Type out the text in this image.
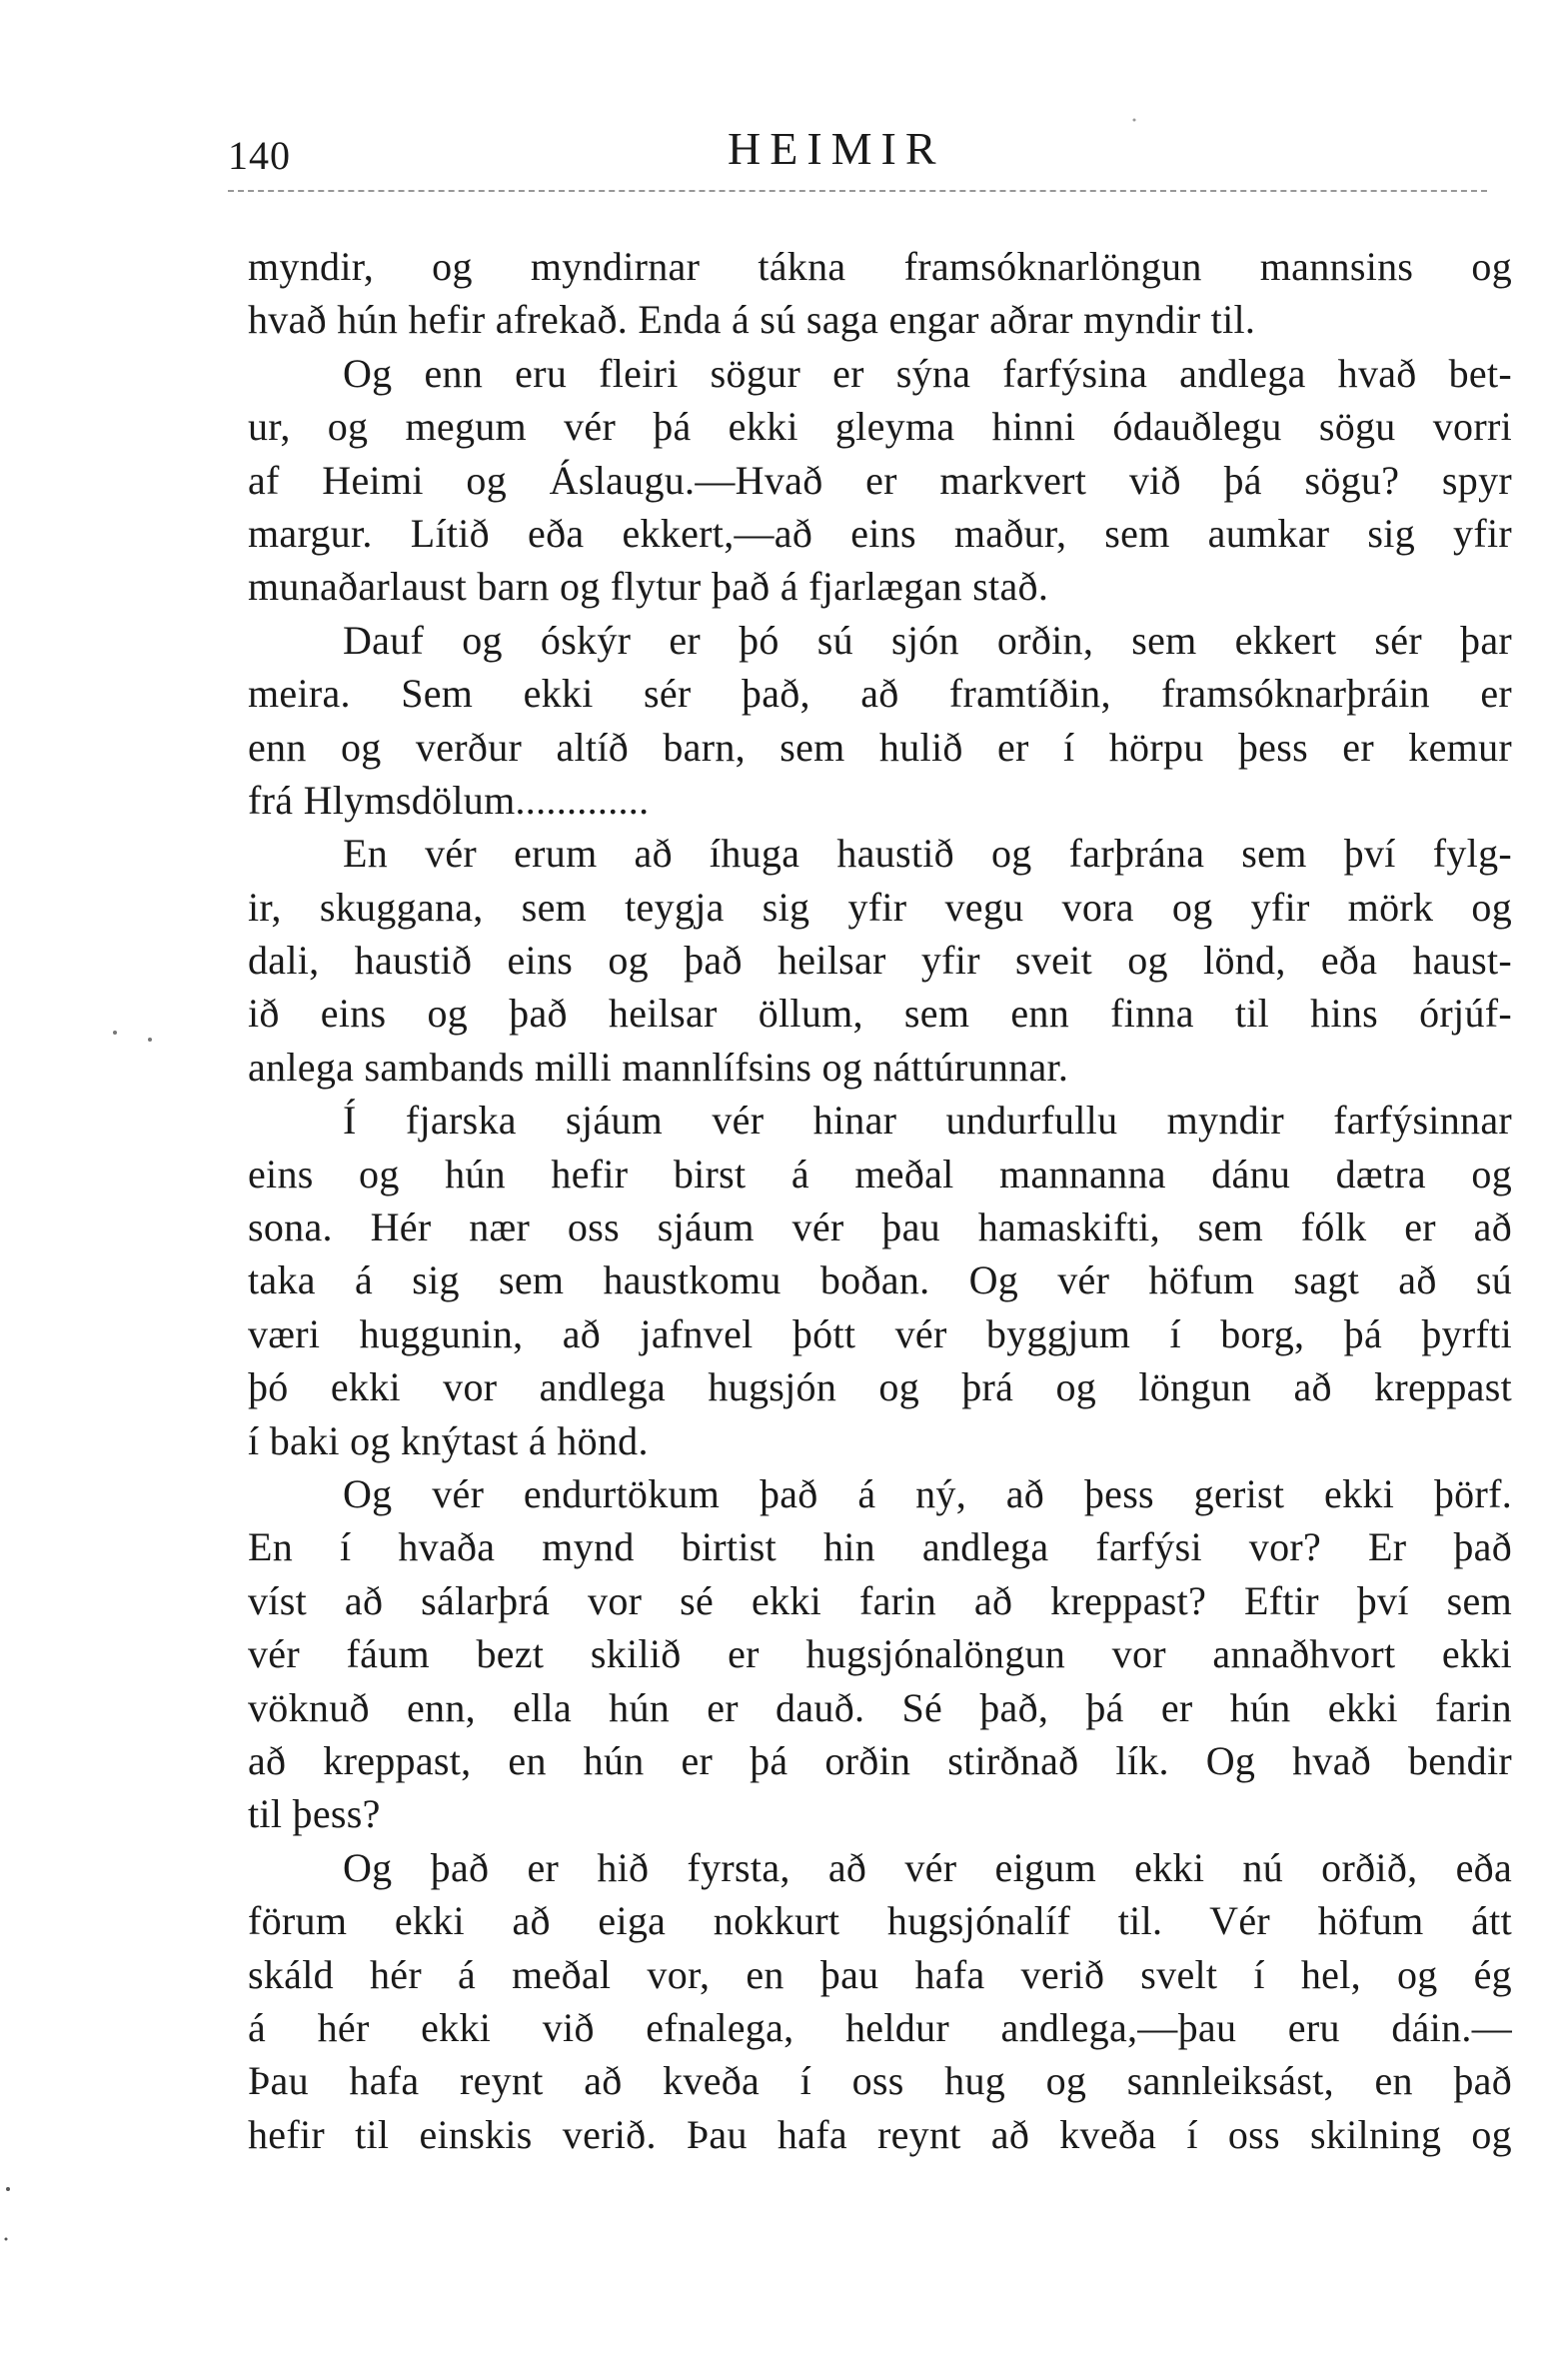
140	HEIMIR
myndir, og myndirnar tákna framsóknarlöngun mannsins og
hvað hún hefir afrekað. Enda á sú saga engar aðrar myndir til.
Og enn eru fleiri sögur er sýna farfýsina andlega hvað bet-
ur, og megum vér þá ekki gleyma hinni ódauðlegu sögu vorri
af Heimi og Áslaugu.—Hvað er markvert við þá sögu? spyr
margur. Lítið eða ekkert,—að eins maður, sem aumkar sig yfir
munaðarlaust barn og flytur það á fjarlægan stað.
Dauf og óskýr er þó sú sjón orðin, sem ekkert sér þar
meira. Sem ekki sér það, að framtíðin, framsóknarþráin er
enn og verður altíð barn, sem hulið er í hörpu þess er kemur
frá Hlymsdölum.............
En vér erum að íhuga haustið og farþrána sem því fylg-
ir, skuggana, sem teygja sig yfir vegu vora og yfir mörk og
dali, haustið eins og það heilsar yfir sveit og lönd, eða haust-
ið eins og það heilsar öllum, sem enn finna til hins órjúf-
anlega sambands milli mannlífsins og náttúrunnar.
Í fjarska sjáum vér hinar undurfullu myndir farfýsinnar
eins og hún hefir birst á meðal mannanna dánu dætra og
sona. Hér nær oss sjáum vér þau hamaskifti, sem fólk er að
taka á sig sem haustkomu boðan. Og vér höfum sagt að sú
væri huggunin, að jafnvel þótt vér byggjum í borg, þá þyrfti
þó ekki vor andlega hugsjón og þrá og löngun að kreppast
í baki og knýtast á hönd.
Og vér endurtökum það á ný, að þess gerist ekki þörf.
En í hvaða mynd birtist hin andlega farfýsi vor? Er það
víst að sálarþrá vor sé ekki farin að kreppast? Eftir því sem
vér fáum bezt skilið er hugsjónalöngun vor annaðhvort ekki
vöknuð enn, ella hún er dauð. Sé það, þá er hún ekki farin
að kreppast, en hún er þá orðin stirðnað lík. Og hvað bendir
til þess?
Og það er hið fyrsta, að vér eigum ekki nú orðið, eða
förum ekki að eiga nokkurt hugsjónalíf til. Vér höfum átt
skáld hér á meðal vor, en þau hafa verið svelt í hel, og ég
á hér ekki við efnalega, heldur andlega,—þau eru dáin.—
Þau hafa reynt að kveða í oss hug og sannleiksást, en það
hefir til einskis verið. Þau hafa reynt að kveða í oss skilning og
